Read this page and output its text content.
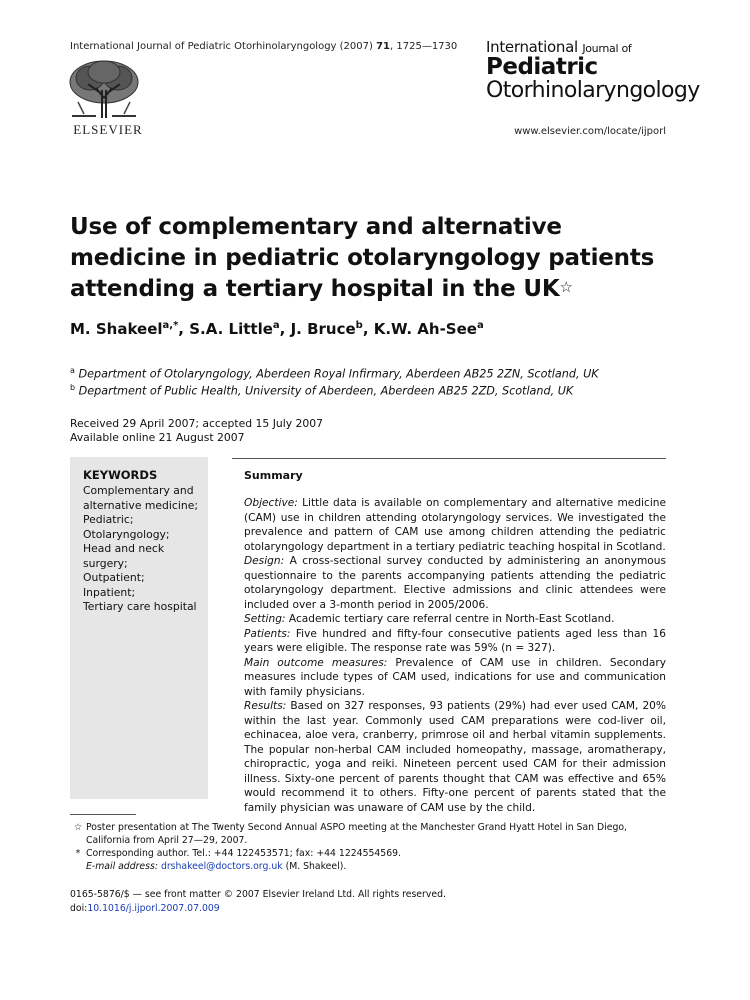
International Journal of Pediatric Otorhinolaryngology (2007) 71, 1725—1730
ELSEVIER
International Journal of
Pediatric
Otorhinolaryngology
www.elsevier.com/locate/ijporl
Use of complementary and alternative medicine in pediatric otolaryngology patients attending a tertiary hospital in the UK☆
M. Shakeel$^{a,*}$, S.A. Little$^a$, J. Bruce$^b$, K.W. Ah-See$^a$
$^a$ Department of Otolaryngology, Aberdeen Royal Infirmary, Aberdeen AB25 2ZN, Scotland, UK
$^b$ Department of Public Health, University of Aberdeen, Aberdeen AB25 2ZD, Scotland, UK
Received 29 April 2007; accepted 15 July 2007
Available online 21 August 2007
KEYWORDS
Complementary and alternative medicine;
Pediatric;
Otolaryngology;
Head and neck surgery;
Outpatient;
Inpatient;
Tertiary care hospital
Summary

Objective: Little data is available on complementary and alternative medicine (CAM) use in children attending otolaryngology services. We investigated the prevalence and pattern of CAM use among children attending the pediatric otolaryngology department in a tertiary pediatric teaching hospital in Scotland.

Design: A cross-sectional survey conducted by administering an anonymous questionnaire to the parents accompanying patients attending the pediatric otolaryngology department. Elective admissions and clinic attendees were included over a 3-month period in 2005/2006.

Setting: Academic tertiary care referral centre in North-East Scotland.

Patients: Five hundred and fifty-four consecutive patients aged less than 16 years were eligible. The response rate was 59% (n = 327).

Main outcome measures: Prevalence of CAM use in children. Secondary measures include types of CAM used, indications for use and communication with family physicians.

Results: Based on 327 responses, 93 patients (29%) had ever used CAM, 20% within the last year. Commonly used CAM preparations were cod-liver oil, echinacea, aloe vera, cranberry, primrose oil and herbal vitamin supplements. The popular non-herbal CAM included homeopathy, massage, aromatherapy, chiropractic, yoga and reiki. Nineteen percent used CAM for their admission illness. Sixty-one percent of parents thought that CAM was effective and 65% would recommend it to others. Fifty-one percent of parents stated that the family physician was unaware of CAM use by the child.

☆ Poster presentation at The Twenty Second Annual ASPO meeting at the Manchester Grand Hyatt Hotel in San Diego, California from April 27—29, 2007.

* Corresponding author. Tel.: +44 122453571; fax: +44 1224554569.

E-mail address: drshakeel@doctors.org.uk (M. Shakeel).

0165-5876/$ — see front matter © 2007 Elsevier Ireland Ltd. All rights reserved.
doi:10.1016/j.ijporl.2007.07.009
